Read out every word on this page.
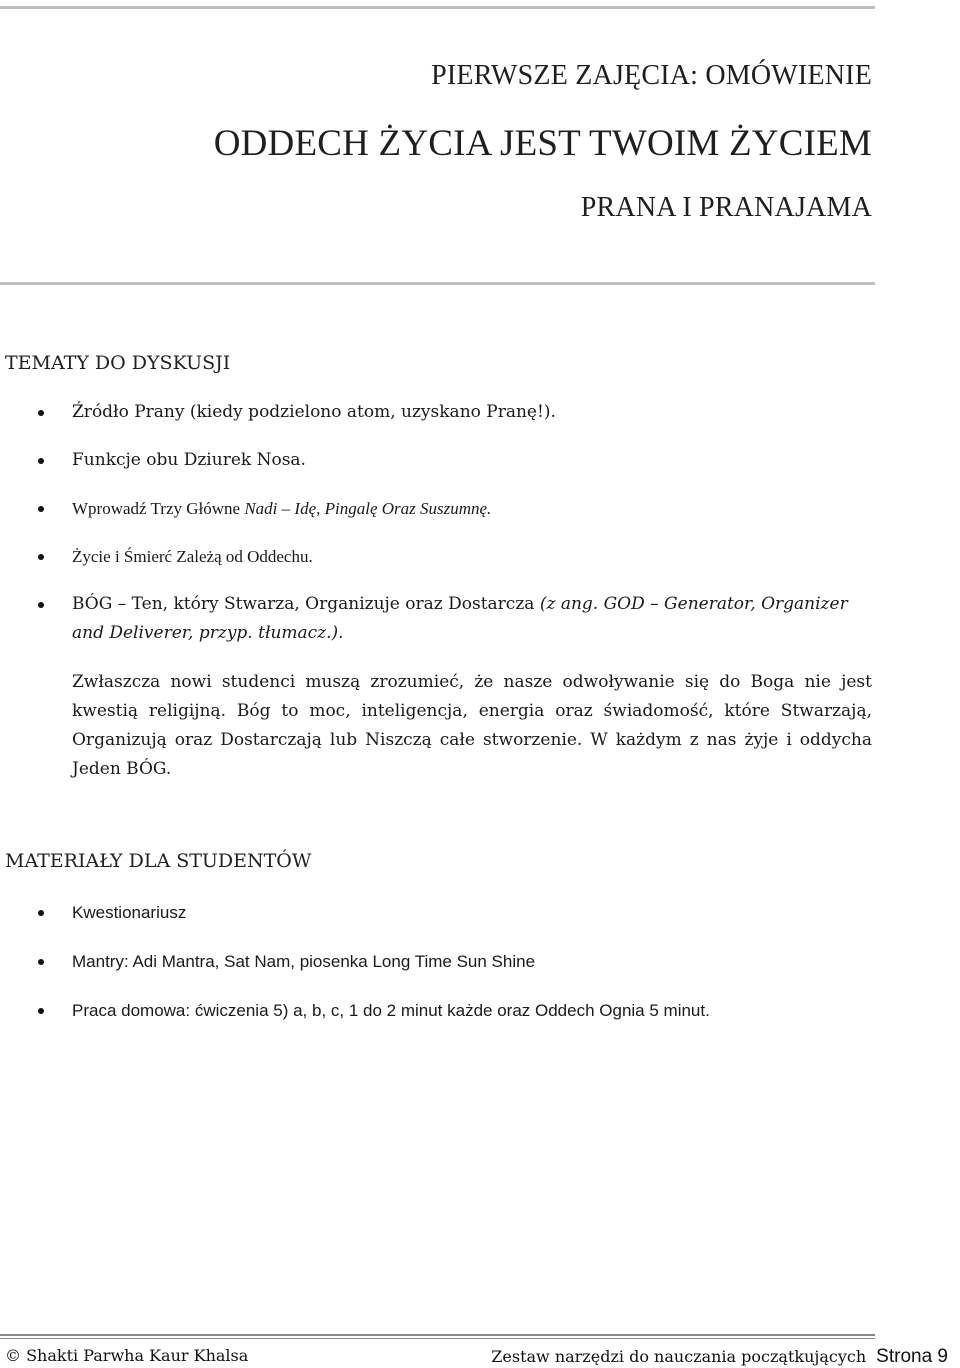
PIERWSZE ZAJĘCIA: OMÓWIENIE
ODDECH ŻYCIA JEST TWOIM ŻYCIEM
PRANA I PRANAJAMA
TEMATY DO DYSKUSJI
Źródło Prany (kiedy podzielono atom, uzyskano Pranę!).
Funkcje obu Dziurek Nosa.
Wprowadź Trzy Główne Nadi – Idę, Pingalę Oraz Suszumnę.
Życie i Śmierć Zależą od Oddechu.
BÓG – Ten, który Stwarza, Organizuje oraz Dostarcza (z ang. GOD – Generator, Organizer and Deliverer, przyp. tłumacz.).
Zwłaszcza nowi studenci muszą zrozumieć, że nasze odwoływanie się do Boga nie jest kwestią religijną. Bóg to moc, inteligencja, energia oraz świadomość, które Stwarzają, Organizują oraz Dostarczają lub Niszczą całe stworzenie. W każdym z nas żyje i oddycha Jeden BÓG.
MATERIAŁY DLA STUDENTÓW
Kwestionariusz
Mantry: Adi Mantra, Sat Nam, piosenka Long Time Sun Shine
Praca domowa: ćwiczenia 5) a, b, c, 1 do 2 minut każde oraz Oddech Ognia 5 minut.
© Shakti Parwha Kaur Khalsa	Zestaw narzędzi do nauczania początkujących Strona 9
